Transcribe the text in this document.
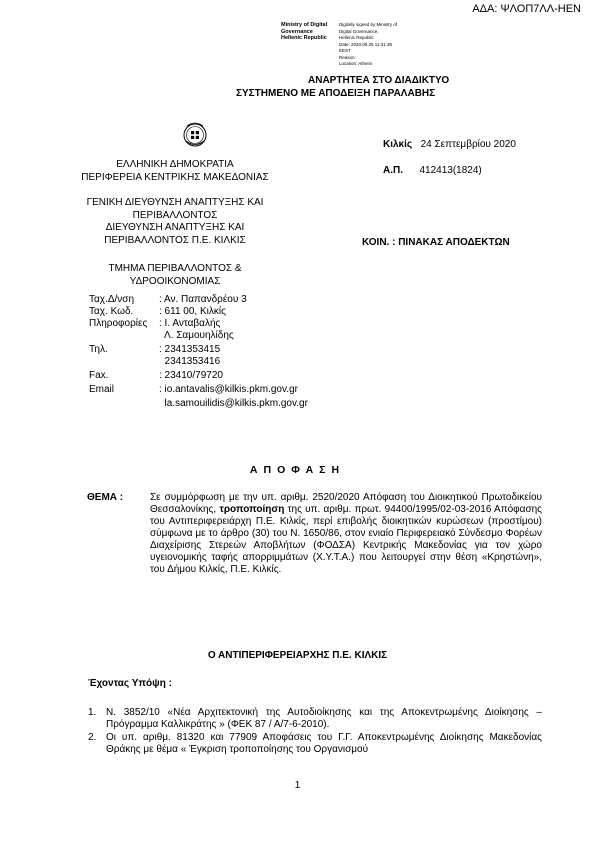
ΑΔΑ: ΨΛΟΠ7ΛΛ-ΗΕΝ
Ministry of Digital
Governance
Hellenic Republic
Digitally signed by Ministry of
Digital Governance,
Hellenic Republic
Date: 2020.09.25 11:31:38
EEST
Reason:
Location: Athens
ΑΝΑΡΤΗΤΕΑ ΣΤΟ ΔΙΑΔΙΚΤΥΟ
ΣΥΣΤΗΜΕΝΟ ΜΕ ΑΠΟΔΕΙΞΗ ΠΑΡΑΛΑΒΗΣ
ΕΛΛΗΝΙΚΗ ΔΗΜΟΚΡΑΤΙΑ
ΠΕΡΙΦΕΡΕΙΑ ΚΕΝΤΡΙΚΗΣ ΜΑΚΕΔΟΝΙΑΣ
ΓΕΝΙΚΗ ΔΙΕΥΘΥΝΣΗ ΑΝΑΠΤΥΞΗΣ ΚΑΙ
ΠΕΡΙΒΑΛΛΟΝΤΟΣ
ΔΙΕΥΘΥΝΣΗ ΑΝΑΠΤΥΞΗΣ ΚΑΙ
ΠΕΡΙΒΑΛΛΟΝΤΟΣ Π.Ε. ΚΙΛΚΙΣ
ΤΜΗΜΑ ΠΕΡΙΒΑΛΛΟΝΤΟΣ &
ΥΔΡΟΟΙΚΟΝΟΜΙΑΣ
Κιλκίς 24 Σεπτεμβρίου 2020
Α.Π. 412413(1824)
ΚΟΙΝ. : ΠΙΝΑΚΑΣ ΑΠΟΔΕΚΤΩΝ
Ταχ.Δ/νση : Αν. Παπανδρέου 3
Ταχ. Κωδ.	: 611 00, Κιλκίς
Πληροφορίες : Ι. Ανταβαλής
Λ. Σαμουηλίδης
Τηλ.	: 2341353415
2341353416
Fax.	: 23410/79720
Email	: io.antavalis@kilkis.pkm.gov.gr
la.samouilidis@kilkis.pkm.gov.gr
ΑΠΟΦΑΣΗ
ΘΕΜΑ :	Σε συμμόρφωση με την υπ. αριθμ. 2520/2020 Απόφαση του Διοικητικού Πρωτοδικείου Θεσσαλονίκης, τροποποίηση της υπ. αριθμ. πρωτ. 94400/1995/02-03-2016 Απόφασης του Αντιπεριφερειάρχη Π.Ε. Κιλκίς, περί επιβολής διοικητικών κυρώσεων (προστίμου) σύμφωνα με το άρθρο (30) του Ν. 1650/86, στον ενιαίο Περιφερειακό Σύνδεσμο Φορέων Διαχείρισης Στερεών Αποβλήτων (ΦΟΔΣΑ) Κεντρικής Μακεδονίας για τον χώρο υγειονομικής ταφής απορριμμάτων (Χ.Υ.Τ.Α.) που λειτουργεί στην θέση «Κρηστώνη», του Δήμου Κιλκίς, Π.Ε. Κιλκίς.
Ο ΑΝΤΙΠΕΡΙΦΕΡΕΙΑΡΧΗΣ Π.Ε. ΚΙΛΚΙΣ
Έχοντας Υπόψη :
1. Ν. 3852/10 «Νέα Αρχιτεκτονική της Αυτοδιοίκησης και της Αποκεντρωμένης Διοίκησης – Πρόγραμμα Καλλικράτης » (ΦΕΚ 87 / Α/7-6-2010).
2. Οι υπ. αριθμ. 81320 και 77909 Αποφάσεις του Γ.Γ. Αποκεντρωμένης Διοίκησης Μακεδονίας Θράκης με θέμα « Έγκριση τροποποίησης του Οργανισμού
1
